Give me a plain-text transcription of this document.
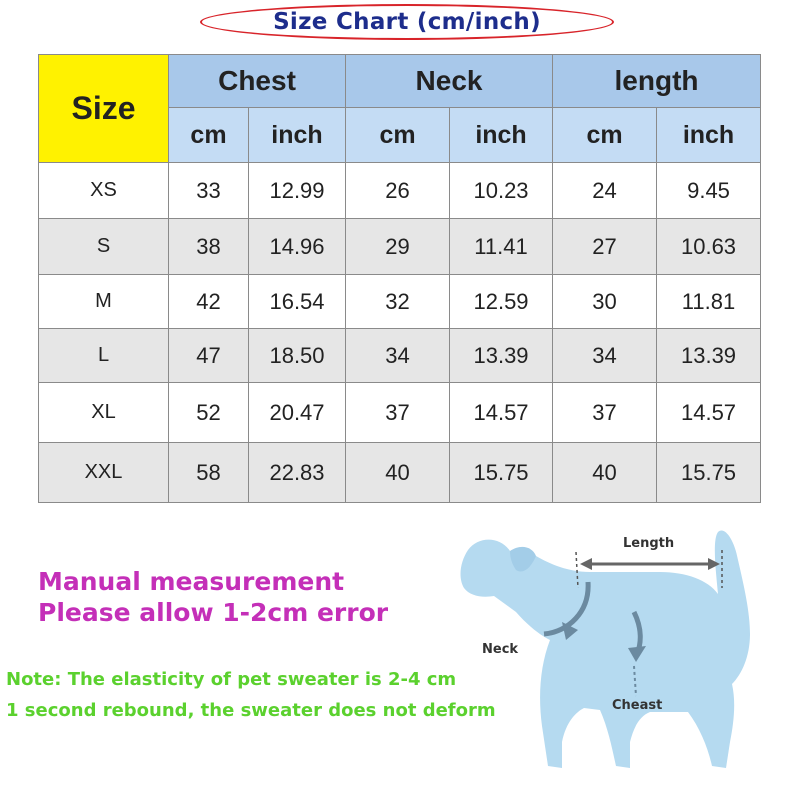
Size Chart (cm/inch)
Size	Chest		Neck		length	
	cm	inch	cm	inch	cm	inch
XS	33	12.99	26	10.23	24	9.45
S	38	14.96	29	11.41	27	10.63
M	42	16.54	32	12.59	30	11.81
L	47	18.50	34	13.39	34	13.39
XL	52	20.47	37	14.57	37	14.57
XXL	58	22.83	40	15.75	40	15.75
Manual measurement
Please allow 1-2cm error
Note: The elasticity of pet sweater is 2-4 cm
1 second rebound, the sweater does not deform
Length
Neck
Cheast
